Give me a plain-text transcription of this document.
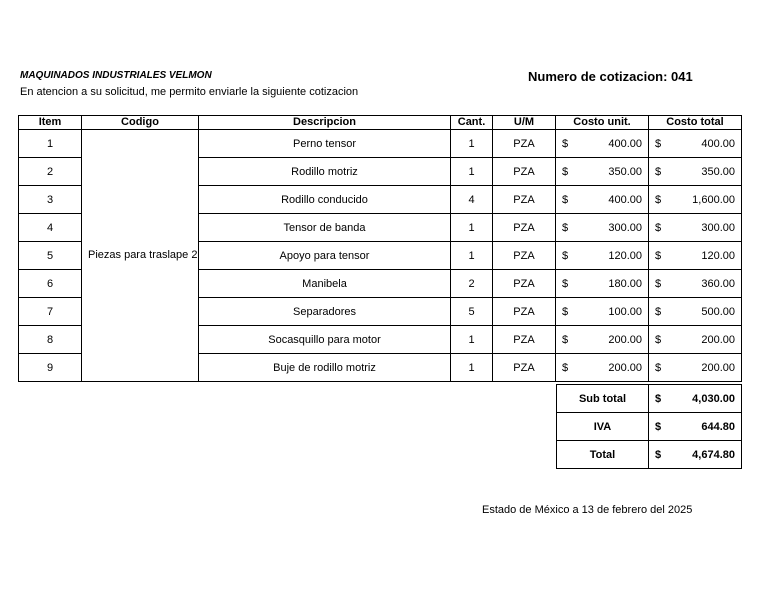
MAQUINADOS INDUSTRIALES VELMON
En atencion a su solicitud, me permito enviarle la siguiente cotizacion
Numero de cotizacion: 041
Item	Codigo	Descripcion	Cant.	U/M	Costo unit.	Costo total
1	Piezas para traslape 2	Perno tensor	1	PZA	$ 400.00	$ 400.00

2		Rodillo motriz	1	PZA	$ 350.00	$ 350.00

3		Rodillo conducido	4	PZA	$ 400.00	$ 1,600.00

4		Tensor de banda	1	PZA	$ 300.00	$ 300.00

5		Apoyo para tensor	1	PZA	$ 120.00	$ 120.00

6		Manibela	2	PZA	$ 180.00	$ 360.00

7		Separadores	5	PZA	$ 100.00	$ 500.00

8		Socasquillo para motor	1	PZA	$ 200.00	$ 200.00

9		Buje de rodillo motriz	1	PZA	$ 200.00	$ 200.00
Sub total	$ 4,030.00

IVA	$ 644.80

Total	$ 4,674.80
Estado de México a 13 de febrero del 2025
